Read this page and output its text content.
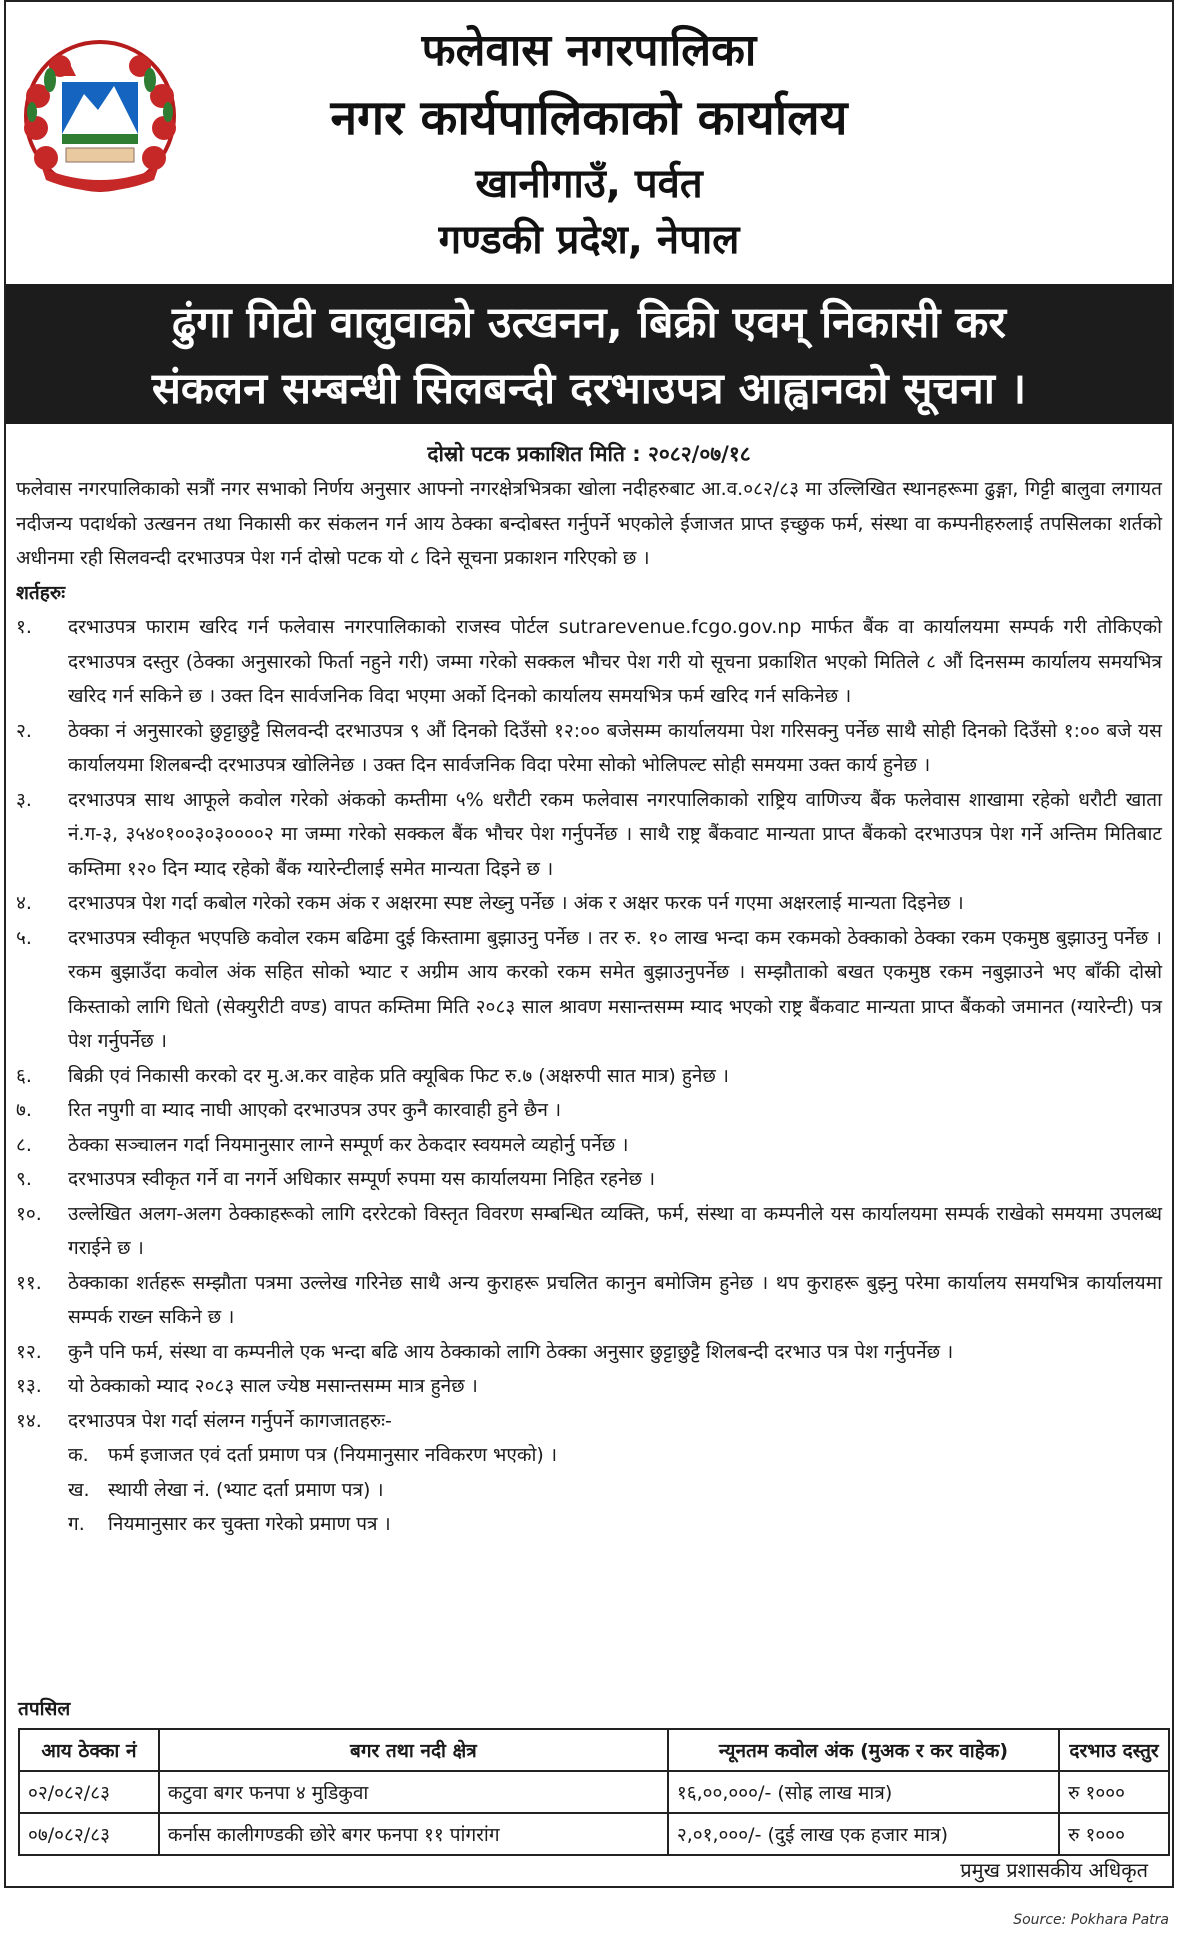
फलेवास नगरपालिका
नगर कार्यपालिकाको कार्यालय
खानीगाउँ, पर्वत
गण्डकी प्रदेश, नेपाल
ढुंगा गिटी वालुवाको उत्खनन, बिक्री एवम् निकासी कर
संकलन सम्बन्धी सिलबन्दी दरभाउपत्र आह्वानको सूचना ।
दोस्रो पटक प्रकाशित मिति : २०८२/०७/१८
फलेवास नगरपालिकाको सत्रौं नगर सभाको निर्णय अनुसार आफ्नो नगरक्षेत्रभित्रका खोला नदीहरुबाट आ.व.०८२/८३ मा उल्लिखित स्थानहरूमा ढुङ्गा, गिट्टी बालुवा लगायत नदीजन्य पदार्थको उत्खनन तथा निकासी कर संकलन गर्न आय ठेक्का बन्दोबस्त गर्नुपर्ने भएकोले ईजाजत प्राप्त इच्छुक फर्म, संस्था वा कम्पनीहरुलाई तपसिलका शर्तको अधीनमा रही सिलवन्दी दरभाउपत्र पेश गर्न दोस्रो पटक यो ८ दिने सूचना प्रकाशन गरिएको छ ।
शर्तहरुः
१.	दरभाउपत्र फाराम खरिद गर्न फलेवास नगरपालिकाको राजस्व पोर्टल sutrarevenue.fcgo.gov.np मार्फत बैंक वा कार्यालयमा सम्पर्क गरी तोकिएको दरभाउपत्र दस्तुर (ठेक्का अनुसारको फिर्ता नहुने गरी) जम्मा गरेको सक्कल भौचर पेश गरी यो सूचना प्रकाशित भएको मितिले ८ औं दिनसम्म कार्यालय समयभित्र खरिद गर्न सकिने छ । उक्त दिन सार्वजनिक विदा भएमा अर्को दिनको कार्यालय समयभित्र फर्म खरिद गर्न सकिनेछ ।
२.	ठेक्का नं अनुसारको छुट्टाछुट्टै सिलवन्दी दरभाउपत्र ९ औं दिनको दिउँसो १२:०० बजेसम्म कार्यालयमा पेश गरिसक्नु पर्नेछ साथै सोही दिनको दिउँसो १:०० बजे यस कार्यालयमा शिलबन्दी दरभाउपत्र खोलिनेछ । उक्त दिन सार्वजनिक विदा परेमा सोको भोलिपल्ट सोही समयमा उक्त कार्य हुनेछ ।
३.	दरभाउपत्र साथ आफूले कवोल गरेको अंकको कम्तीमा ५% धरौटी रकम फलेवास नगरपालिकाको राष्ट्रिय वाणिज्य बैंक फलेवास शाखामा रहेको धरौटी खाता नं.ग-३, ३५४०१००३०३००००२ मा जम्मा गरेको सक्कल बैंक भौचर पेश गर्नुपर्नेछ । साथै राष्ट्र बैंकवाट मान्यता प्राप्त बैंकको दरभाउपत्र पेश गर्ने अन्तिम मितिबाट कम्तिमा १२० दिन म्याद रहेको बैंक ग्यारेन्टीलाई समेत मान्यता दिइने छ ।
४.	दरभाउपत्र पेश गर्दा कबोल गरेको रकम अंक र अक्षरमा स्पष्ट लेख्नु पर्नेछ । अंक र अक्षर फरक पर्न गएमा अक्षरलाई मान्यता दिइनेछ ।
५.	दरभाउपत्र स्वीकृत भएपछि कवोल रकम बढिमा दुई किस्तामा बुझाउनु पर्नेछ । तर रु. १० लाख भन्दा कम रकमको ठेक्काको ठेक्का रकम एकमुष्ठ बुझाउनु पर्नेछ । रकम बुझाउँदा कवोल अंक सहित सोको भ्याट र अग्रीम आय करको रकम समेत बुझाउनुपर्नेछ । सम्झौताको बखत एकमुष्ठ रकम नबुझाउने भए बाँकी दोस्रो किस्ताको लागि धितो (सेक्युरीटी वण्ड) वापत कम्तिमा मिति २०८३ साल श्रावण मसान्तसम्म म्याद भएको राष्ट्र बैंकवाट मान्यता प्राप्त बैंकको जमानत (ग्यारेन्टी) पत्र पेश गर्नुपर्नेछ ।
६.	बिक्री एवं निकासी करको दर मु.अ.कर वाहेक प्रति क्यूबिक फिट रु.७ (अक्षरुपी सात मात्र) हुनेछ ।
७.	रित नपुगी वा म्याद नाघी आएको दरभाउपत्र उपर कुनै कारवाही हुने छैन ।
८.	ठेक्का सञ्चालन गर्दा नियमानुसार लाग्ने सम्पूर्ण कर ठेकदार स्वयमले व्यहोर्नु पर्नेछ ।
९.	दरभाउपत्र स्वीकृत गर्ने वा नगर्ने अधिकार सम्पूर्ण रुपमा यस कार्यालयमा निहित रहनेछ ।
१०.	उल्लेखित अलग-अलग ठेक्काहरूको लागि दररेटको विस्तृत विवरण सम्बन्धित व्यक्ति, फर्म, संस्था वा कम्पनीले यस कार्यालयमा सम्पर्क राखेको समयमा उपलब्ध गराईने छ ।
११.	ठेक्काका शर्तहरू सम्झौता पत्रमा उल्लेख गरिनेछ साथै अन्य कुराहरू प्रचलित कानुन बमोजिम हुनेछ । थप कुराहरू बुझ्नु परेमा कार्यालय समयभित्र कार्यालयमा सम्पर्क राख्न सकिने छ ।
१२.	कुनै पनि फर्म, संस्था वा कम्पनीले एक भन्दा बढि आय ठेक्काको लागि ठेक्का अनुसार छुट्टाछुट्टै शिलबन्दी दरभाउ पत्र पेश गर्नुपर्नेछ ।
१३.	यो ठेक्काको म्याद २०८३ साल ज्येष्ठ मसान्तसम्म मात्र हुनेछ ।
१४.	दरभाउपत्र पेश गर्दा संलग्न गर्नुपर्ने कागजातहरुः-
क.	फर्म इजाजत एवं दर्ता प्रमाण पत्र (नियमानुसार नविकरण भएको) ।
ख. स्थायी लेखा नं. (भ्याट दर्ता प्रमाण पत्र) ।
ग.	नियमानुसार कर चुक्ता गरेको प्रमाण पत्र ।
तपसिल
आय ठेक्का नं	बगर तथा नदी क्षेत्र	न्यूनतम कवोल अंक (मुअक र कर वाहेक)	दरभाउ दस्तुर
०२/०८२/८३	कटुवा बगर फनपा ४ मुडिकुवा	१६,००,०००/- (सोह्र लाख मात्र)	रु १०००
०७/०८२/८३	कर्नास कालीगण्डकी छोरे बगर फनपा ११ पांगरांग	२,०१,०००/- (दुई लाख एक हजार मात्र)	रु १०००
प्रमुख प्रशासकीय अधिकृत
Source: Pokhara Patra
